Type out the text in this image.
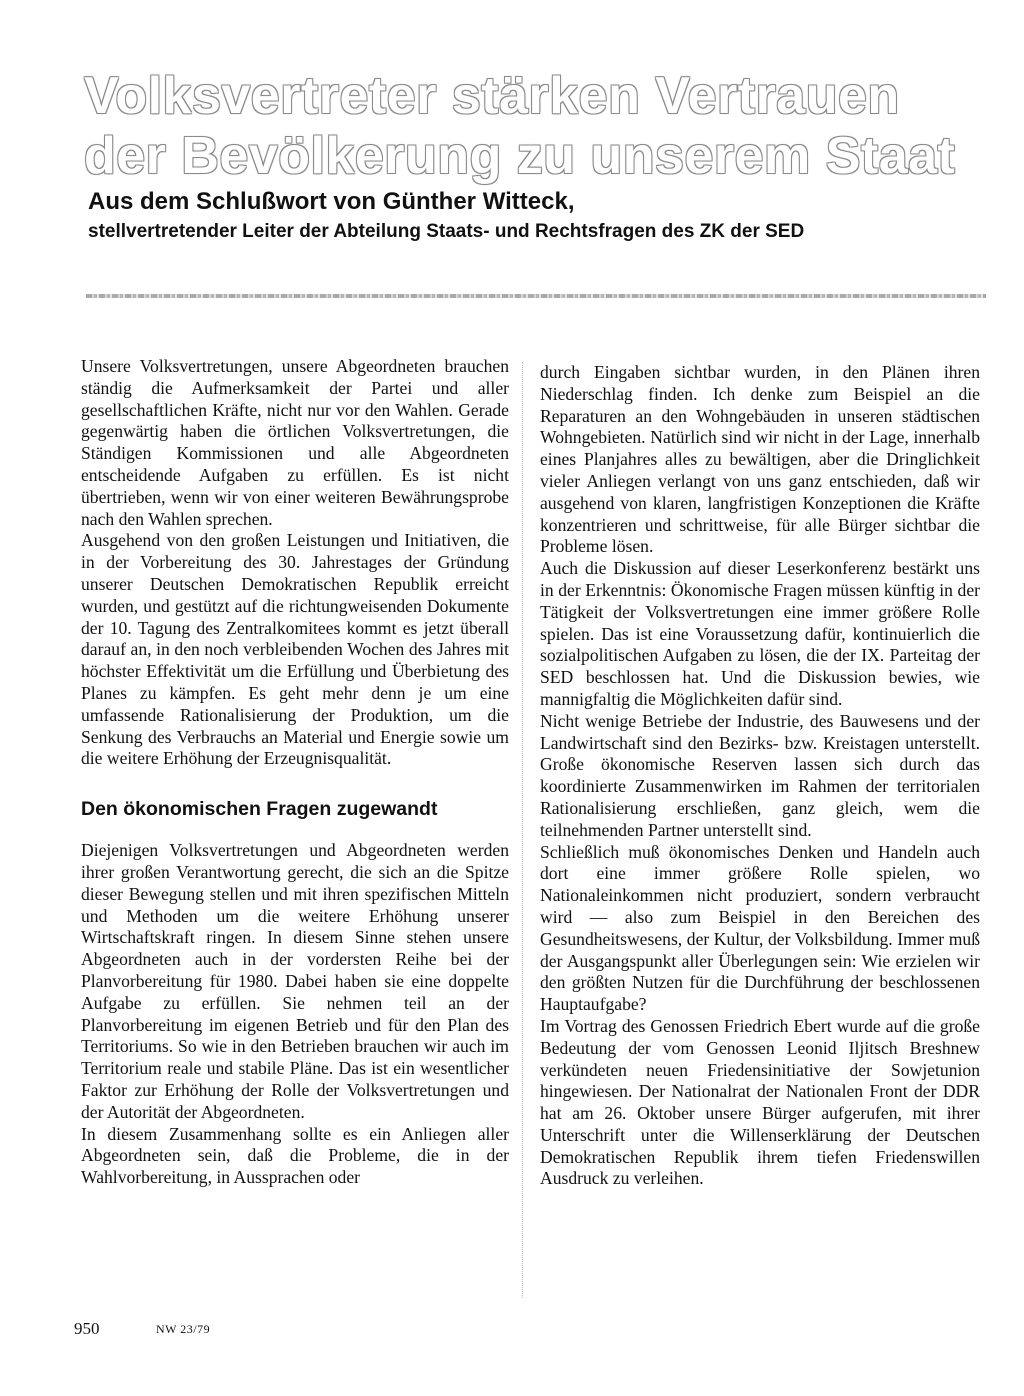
Volksvertreter stärken Vertrauen
der Bevölkerung zu unserem Staat
Aus dem Schlußwort von Günther Witteck,
stellvertretender Leiter der Abteilung Staats- und Rechtsfragen des ZK der SED

Unsere Volksvertretungen, unsere Abgeordneten brauchen ständig die Aufmerksamkeit der Partei und aller gesellschaftlichen Kräfte, nicht nur vor den Wahlen. Gerade gegenwärtig haben die örtlichen Volksvertretungen, die Ständigen Kommissionen und alle Abgeordneten entscheidende Aufgaben zu erfüllen. Es ist nicht übertrieben, wenn wir von einer weiteren Bewährungsprobe nach den Wahlen sprechen.

Ausgehend von den großen Leistungen und Initiativen, die in der Vorbereitung des 30. Jahrestages der Gründung unserer Deutschen Demokratischen Republik erreicht wurden, und gestützt auf die richtungweisenden Dokumente der 10. Tagung des Zentralkomitees kommt es jetzt überall darauf an, in den noch verbleibenden Wochen des Jahres mit höchster Effektivität um die Erfüllung und Überbietung des Planes zu kämpfen. Es geht mehr denn je um eine umfassende Rationalisierung der Produktion, um die Senkung des Verbrauchs an Material und Energie sowie um die weitere Erhöhung der Erzeugnisqualität.

Den ökonomischen Fragen zugewandt

Diejenigen Volksvertretungen und Abgeordneten werden ihrer großen Verantwortung gerecht, die sich an die Spitze dieser Bewegung stellen und mit ihren spezifischen Mitteln und Methoden um die weitere Erhöhung unserer Wirtschaftskraft ringen. In diesem Sinne stehen unsere Abgeordneten auch in der vordersten Reihe bei der Planvorbereitung für 1980. Dabei haben sie eine doppelte Aufgabe zu erfüllen. Sie nehmen teil an der Planvorbereitung im eigenen Betrieb und für den Plan des Territoriums. So wie in den Betrieben brauchen wir auch im Territorium reale und stabile Pläne. Das ist ein wesentlicher Faktor zur Erhöhung der Rolle der Volksvertretungen und der Autorität der Abgeordneten.

In diesem Zusammenhang sollte es ein Anliegen aller Abgeordneten sein, daß die Probleme, die in der Wahlvorbereitung, in Aussprachen oder

durch Eingaben sichtbar wurden, in den Plänen ihren Niederschlag finden. Ich denke zum Beispiel an die Reparaturen an den Wohngebäuden in unseren städtischen Wohngebieten. Natürlich sind wir nicht in der Lage, innerhalb eines Planjahres alles zu bewältigen, aber die Dringlichkeit vieler Anliegen verlangt von uns ganz entschieden, daß wir ausgehend von klaren, langfristigen Konzeptionen die Kräfte konzentrieren und schrittweise, für alle Bürger sichtbar die Probleme lösen.

Auch die Diskussion auf dieser Leserkonferenz bestärkt uns in der Erkenntnis: Ökonomische Fragen müssen künftig in der Tätigkeit der Volksvertretungen eine immer größere Rolle spielen. Das ist eine Voraussetzung dafür, kontinuierlich die sozialpolitischen Aufgaben zu lösen, die der IX. Parteitag der SED beschlossen hat. Und die Diskussion bewies, wie mannigfaltig die Möglichkeiten dafür sind.

Nicht wenige Betriebe der Industrie, des Bauwesens und der Landwirtschaft sind den Bezirks- bzw. Kreistagen unterstellt. Große ökonomische Reserven lassen sich durch das koordinierte Zusammenwirken im Rahmen der territorialen Rationalisierung erschließen, ganz gleich, wem die teilnehmenden Partner unterstellt sind.

Schließlich muß ökonomisches Denken und Handeln auch dort eine immer größere Rolle spielen, wo Nationaleinkommen nicht produziert, sondern verbraucht wird — also zum Beispiel in den Bereichen des Gesundheitswesens, der Kultur, der Volksbildung. Immer muß der Ausgangspunkt aller Überlegungen sein: Wie erzielen wir den größten Nutzen für die Durchführung der beschlossenen Hauptaufgabe?

Im Vortrag des Genossen Friedrich Ebert wurde auf die große Bedeutung der vom Genossen Leonid Iljitsch Breshnew verkündeten neuen Friedensinitiative der Sowjetunion hingewiesen. Der Nationalrat der Nationalen Front der DDR hat am 26. Oktober unsere Bürger aufgerufen, mit ihrer Unterschrift unter die Willenserklärung der Deutschen Demokratischen Republik ihrem tiefen Friedenswillen Ausdruck zu verleihen.

950	NW 23/79
